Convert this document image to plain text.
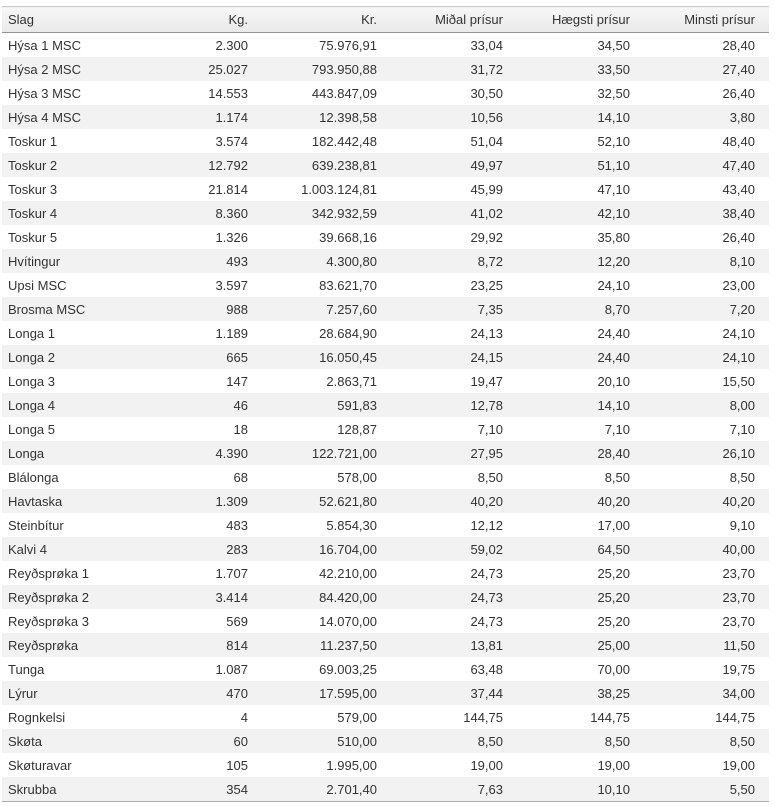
Slag	Kg.	Kr.	Miðal prísur	Hægsti prísur	Minsti prísur
Hýsa 1 MSC	2.300	75.976,91	33,04	34,50	28,40
Hýsa 2 MSC	25.027	793.950,88	31,72	33,50	27,40
Hýsa 3 MSC	14.553	443.847,09	30,50	32,50	26,40
Hýsa 4 MSC	1.174	12.398,58	10,56	14,10	3,80
Toskur 1	3.574	182.442,48	51,04	52,10	48,40
Toskur 2	12.792	639.238,81	49,97	51,10	47,40
Toskur 3	21.814	1.003.124,81	45,99	47,10	43,40
Toskur 4	8.360	342.932,59	41,02	42,10	38,40
Toskur 5	1.326	39.668,16	29,92	35,80	26,40
Hvítingur	493	4.300,80	8,72	12,20	8,10
Upsi MSC	3.597	83.621,70	23,25	24,10	23,00
Brosma MSC	988	7.257,60	7,35	8,70	7,20
Longa 1	1.189	28.684,90	24,13	24,40	24,10
Longa 2	665	16.050,45	24,15	24,40	24,10
Longa 3	147	2.863,71	19,47	20,10	15,50
Longa 4	46	591,83	12,78	14,10	8,00
Longa 5	18	128,87	7,10	7,10	7,10
Longa	4.390	122.721,00	27,95	28,40	26,10
Blálonga	68	578,00	8,50	8,50	8,50
Havtaska	1.309	52.621,80	40,20	40,20	40,20
Steinbítur	483	5.854,30	12,12	17,00	9,10
Kalvi 4	283	16.704,00	59,02	64,50	40,00
Reyðsprøka 1	1.707	42.210,00	24,73	25,20	23,70
Reyðsprøka 2	3.414	84.420,00	24,73	25,20	23,70
Reyðsprøka 3	569	14.070,00	24,73	25,20	23,70
Reyðsprøka	814	11.237,50	13,81	25,00	11,50
Tunga	1.087	69.003,25	63,48	70,00	19,75
Lýrur	470	17.595,00	37,44	38,25	34,00
Rognkelsi	4	579,00	144,75	144,75	144,75
Skøta	60	510,00	8,50	8,50	8,50
Skøturavar	105	1.995,00	19,00	19,00	19,00
Skrubba	354	2.701,40	7,63	10,10	5,50
